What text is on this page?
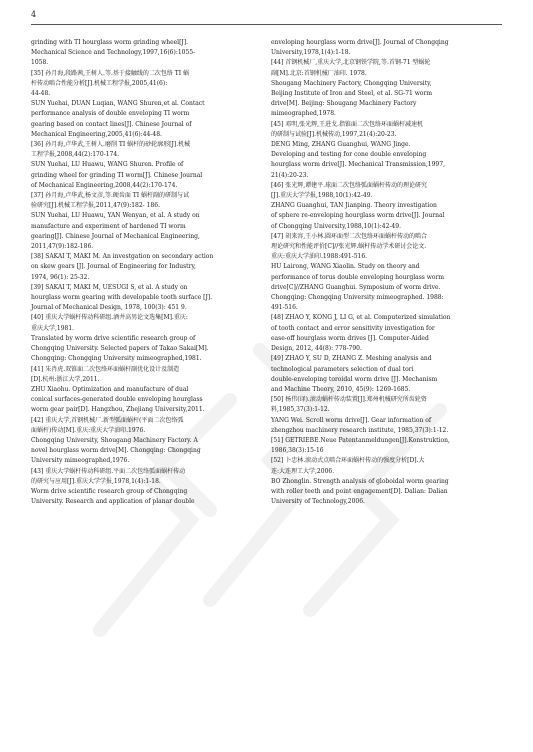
4

grinding with TI hourglass worm grinding wheel[J].
Mechanical Science and Technology,1997,16(6):1055-
1058.

[35] 孙月海,段路茜,王树人.等.基于接触线的二次包络 TI 蜗
杆传动啮合性能分析[J].机械工程学报,2005,41(6):
44-48.
SUN Yuehai, DUAN Luqian, WANG Shuren,et al. Contact
performance analysis of double enveloping TI worm
gearing based on contact lines[J]. Chinese Journal of
Mechanical Engineering,2005,41(6):44-48.

[36] 孙月海,卢华武,王树人.磨削 TI 蜗杆的砂轮廓形[J].机械
工程学报,2008,44(2):170-174.
SUN Yuehai, LU Huawu, WANG Shuren. Profile of
grinding wheel for grinding TI worm[J]. Chinese Journal
of Mechanical Engineering,2008,44(2):170-174.

[37] 孙月海,卢华武,杨文彦,等.硬齿面 TI 蜗杆副的研制与试
验研究[J].机械工程学报,2011,47(9):182- 186.
SUN Yuehai, LU Huawu, YAN Wenyan, et al. A study on
manufacture and experiment of hardened TI worm
gearing[J]. Chinese Journal of Mechanical Engineering,
2011,47(9):182-186.

[38] SAKAI T, MAKI M. An investgation on secondary action
on skew gears [J]. Journal of Engineering for Industry,
1974, 96(1): 25-32.

[39] SAKAI T, MAKI M, UESUGI S, et al. A study on
hourglass worm gearing with developable tooth surface [J].
Journal of Mechanical Design, 1978, 100(3): 451 9.

[40] 重庆大学蜗杆传动科研组.酒井高男论文选集[M].重庆:
重庆大学,1981.
Translated by worm drive scientific research group of
Chongqing University. Selected papers of Takao Sakai[M].
Chongqing: Chongqing University mimeographed,1981.

[41] 朱肖虎.双锥面二次包络环面蜗杆副优化设计及制造
[D].杭州:浙江大学,2011.
ZHU Xiaohu. Optimization and manufacture of dual
conical surfaces-generated double enveloping hourglass
worm gear pair[D]. Hangzhou, Zhejiang University,2011.

[42] 重庆大学,首钢机械厂.新型弧面蜗杆(平面二次包络弧
面蜗杆)传动[M].重庆:重庆大学油印.1976.
Chongqing University, Shougang Machinery Factory. A
novel hourglass worm drive[M]. Chongqing: Chongqing
University mimeographed,1976.

[43] 重庆大学蜗杆传动科研组.平面二次包络弧面蜗杆传动
的研究与应用[J].重庆大学学报,1978,1(4):1-18.
Worm drive scientific research group of Chongqing
University. Research and application of planar double

enveloping hourglass worm drive[J]. Journal of Chongqing
University,1978,1(4):1-18.

[44] 首钢机械厂,重庆大学,北京钢铁学院,等.首钢-71 型蜗轮
副[M].北京:首钢机械厂油印. 1978.
Shougang Machinery Factory, Chongqing University,
Beijing Institute of Iron and Steel, et al. SG-71 worm
drive[M]. Beijing: Shougang Machinery Factory
mimeographed,1978.

[45] 邓明,张光辉,王进戈.指锥面二次包络环面蜗杆减速机
的研制与试验[J].机械传动,1997,21(4):20-23.
DENG Ming, ZHANG Guanghui, WANG Jinge.
Developing and testing for cone double enveloping
hourglass worm drive[J]. Mechanical Transmission,1997,
21(4):20-23.

[46] 张光辉,谭建平.球面二次包络弧面蜗杆传动的理论研究
[J].重庆大学学报,1988,10(1):42-49.
ZHANG Guanghui, TAN Jianping. Theory investigation
of sphere re-enveloping hourglass worm drive[J]. Journal
of Chongqing University,1988,10(1):42-49.

[47] 胡来容,王小林.圆环面型二次包络环面蜗杆传动的啮合
理论研究和性能评价[C]//张光辉.蜗杆传动学术研讨会论文.
重庆:重庆大学油印.1988:491-516.
HU Lairong, WANG Xiaolin. Study on theory and
performance of torus double enveloping hourglass worm
drive[C]//ZHANG Guanghui. Symposium of worm drive.
Chongqing: Chongqing University mimeographed. 1988:
491-516.

[48] ZHAO Y, KONG J, LI G, et al. Computerized simulation
of tooth contact and error sensitivity investigation for
ease-off hourglass worm drives [J]. Computer-Aided
Design, 2012, 44(8): 778-790.

[49] ZHAO Y, SU D, ZHANG Z. Meshing analysis and
technological parameters selection of dual tori
double-enveloping toroidal worm drive [J]. Mechanism
and Machine Theory, 2010, 45(9): 1269-1685.

[50] 杨伟(译).滚动蜗杆传动装置[J].郑州机械研究所齿轮资
料,1985,37(3):1-12.
YANG Wei. Scroll worm drive[J]. Gear information of
zhengzhou machinery research institute, 1985,37(3):1-12.

[51] GETRIEBE.Neue Patentanmeldungen[J].Konstruktion,
1986,38(3):15-16

[52] 卜忠林.滚动式点啮合环面蜗杆传动的强度分析[D].大
连:大连理工大学,2006.
BO Zhonglin. Strength analysis of globoidal worm gearing
with roller teeth and point engagement[D]. Dalian: Dalian
University of Technology,2006.
